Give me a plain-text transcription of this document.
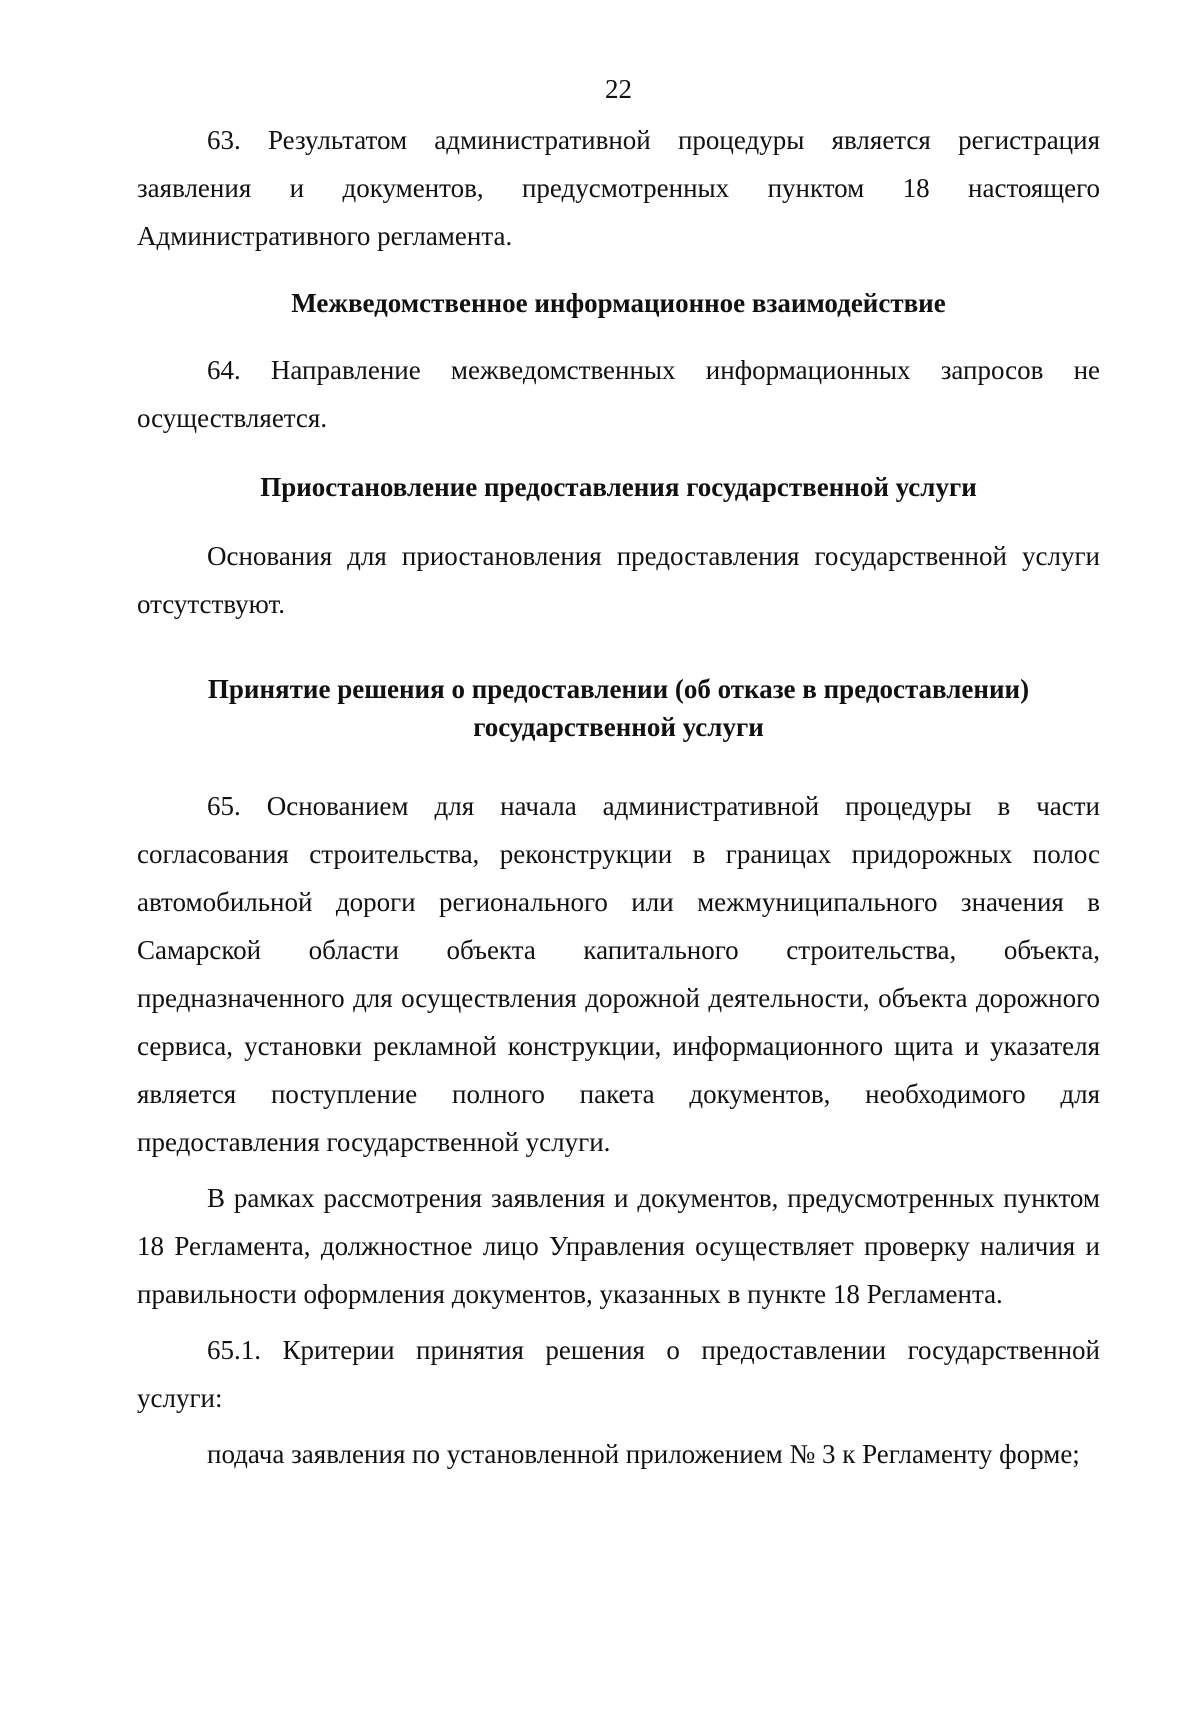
22

63. Результатом административной процедуры является регистрация заявления и документов, предусмотренных пунктом 18 настоящего Административного регламента.

Межведомственное информационное взаимодействие

64. Направление межведомственных информационных запросов не осуществляется.

Приостановление предоставления государственной услуги

Основания для приостановления предоставления государственной услуги отсутствуют.

Принятие решения о предоставлении (об отказе в предоставлении)
государственной услуги

65. Основанием для начала административной процедуры в части согласования строительства, реконструкции в границах придорожных полос автомобильной дороги регионального или межмуниципального значения в Самарской области объекта капитального строительства, объекта, предназначенного для осуществления дорожной деятельности, объекта дорожного сервиса, установки рекламной конструкции, информационного щита и указателя является поступление полного пакета документов, необходимого для предоставления государственной услуги.

В рамках рассмотрения заявления и документов, предусмотренных пунктом 18 Регламента, должностное лицо Управления осуществляет проверку наличия и правильности оформления документов, указанных в пункте 18 Регламента.

65.1. Критерии принятия решения о предоставлении государственной услуги:

подача заявления по установленной приложением № 3 к Регламенту форме;
